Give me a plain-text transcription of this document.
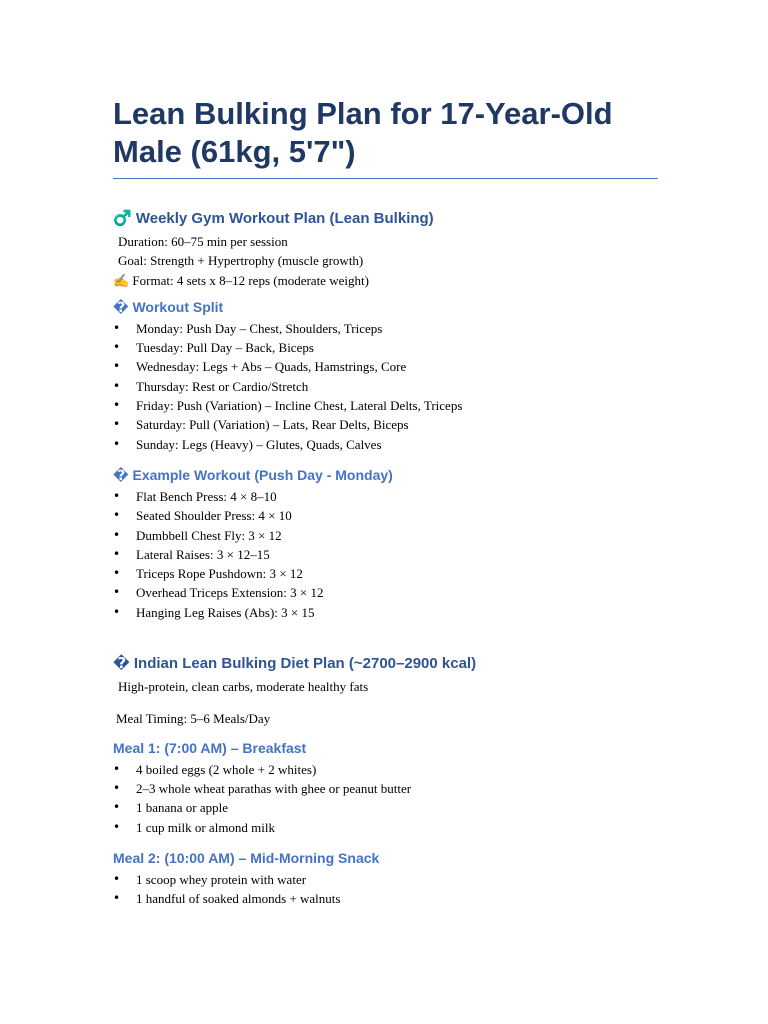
Lean Bulking Plan for 17-Year-Old Male (61kg, 5'7")
♂️ Weekly Gym Workout Plan (Lean Bulking)

Duration: 60–75 min per session

Goal: Strength + Hypertrophy (muscle growth)

✍ Format: 4 sets x 8–12 reps (moderate weight)

� Workout Split
• Monday: Push Day – Chest, Shoulders, Triceps
• Tuesday: Pull Day – Back, Biceps
• Wednesday: Legs + Abs – Quads, Hamstrings, Core
• Thursday: Rest or Cardio/Stretch
• Friday: Push (Variation) – Incline Chest, Lateral Delts, Triceps
• Saturday: Pull (Variation) – Lats, Rear Delts, Biceps
• Sunday: Legs (Heavy) – Glutes, Quads, Calves
� Example Workout (Push Day - Monday)
• Flat Bench Press: 4 × 8–10
• Seated Shoulder Press: 4 × 10
• Dumbbell Chest Fly: 3 × 12
• Lateral Raises: 3 × 12–15
• Triceps Rope Pushdown: 3 × 12
• Overhead Triceps Extension: 3 × 12
• Hanging Leg Raises (Abs): 3 × 15
� Indian Lean Bulking Diet Plan (~2700–2900 kcal)

High-protein, clean carbs, moderate healthy fats

Meal Timing: 5–6 Meals/Day

Meal 1: (7:00 AM) – Breakfast
• 4 boiled eggs (2 whole + 2 whites)
• 2–3 whole wheat parathas with ghee or peanut butter
• 1 banana or apple
• 1 cup milk or almond milk
Meal 2: (10:00 AM) – Mid-Morning Snack
• 1 scoop whey protein with water
• 1 handful of soaked almonds + walnuts
